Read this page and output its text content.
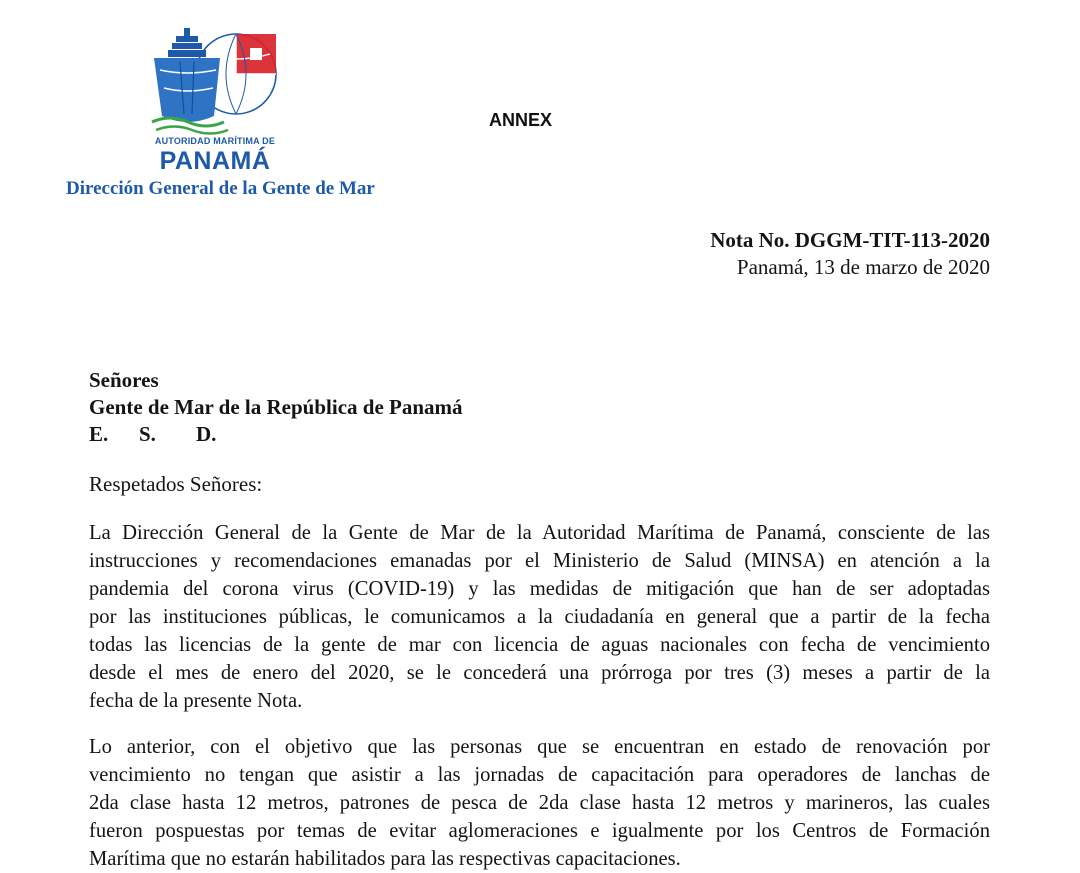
AUTORIDAD MARÍTIMA DE
PANAMÁ
Dirección General de la Gente de Mar
ANNEX
Nota No. DGGM-TIT-113-2020
Panamá, 13 de marzo de 2020
Señores
Gente de Mar de la República de Panamá
E. S. D.
Respetados Señores:
La Dirección General de la Gente de Mar de la Autoridad Marítima de Panamá, consciente de las
instrucciones y recomendaciones emanadas por el Ministerio de Salud (MINSA) en atención a la
pandemia del corona virus (COVID-19) y las medidas de mitigación que han de ser adoptadas
por las instituciones públicas, le comunicamos a la ciudadanía en general que a partir de la fecha
todas las licencias de la gente de mar con licencia de aguas nacionales con fecha de vencimiento
desde el mes de enero del 2020, se le concederá una prórroga por tres (3) meses a partir de la
fecha de la presente Nota.
Lo anterior, con el objetivo que las personas que se encuentran en estado de renovación por
vencimiento no tengan que asistir a las jornadas de capacitación para operadores de lanchas de
2da clase hasta 12 metros, patrones de pesca de 2da clase hasta 12 metros y marineros, las cuales
fueron pospuestas por temas de evitar aglomeraciones e igualmente por los Centros de Formación
Marítima que no estarán habilitados para las respectivas capacitaciones.
